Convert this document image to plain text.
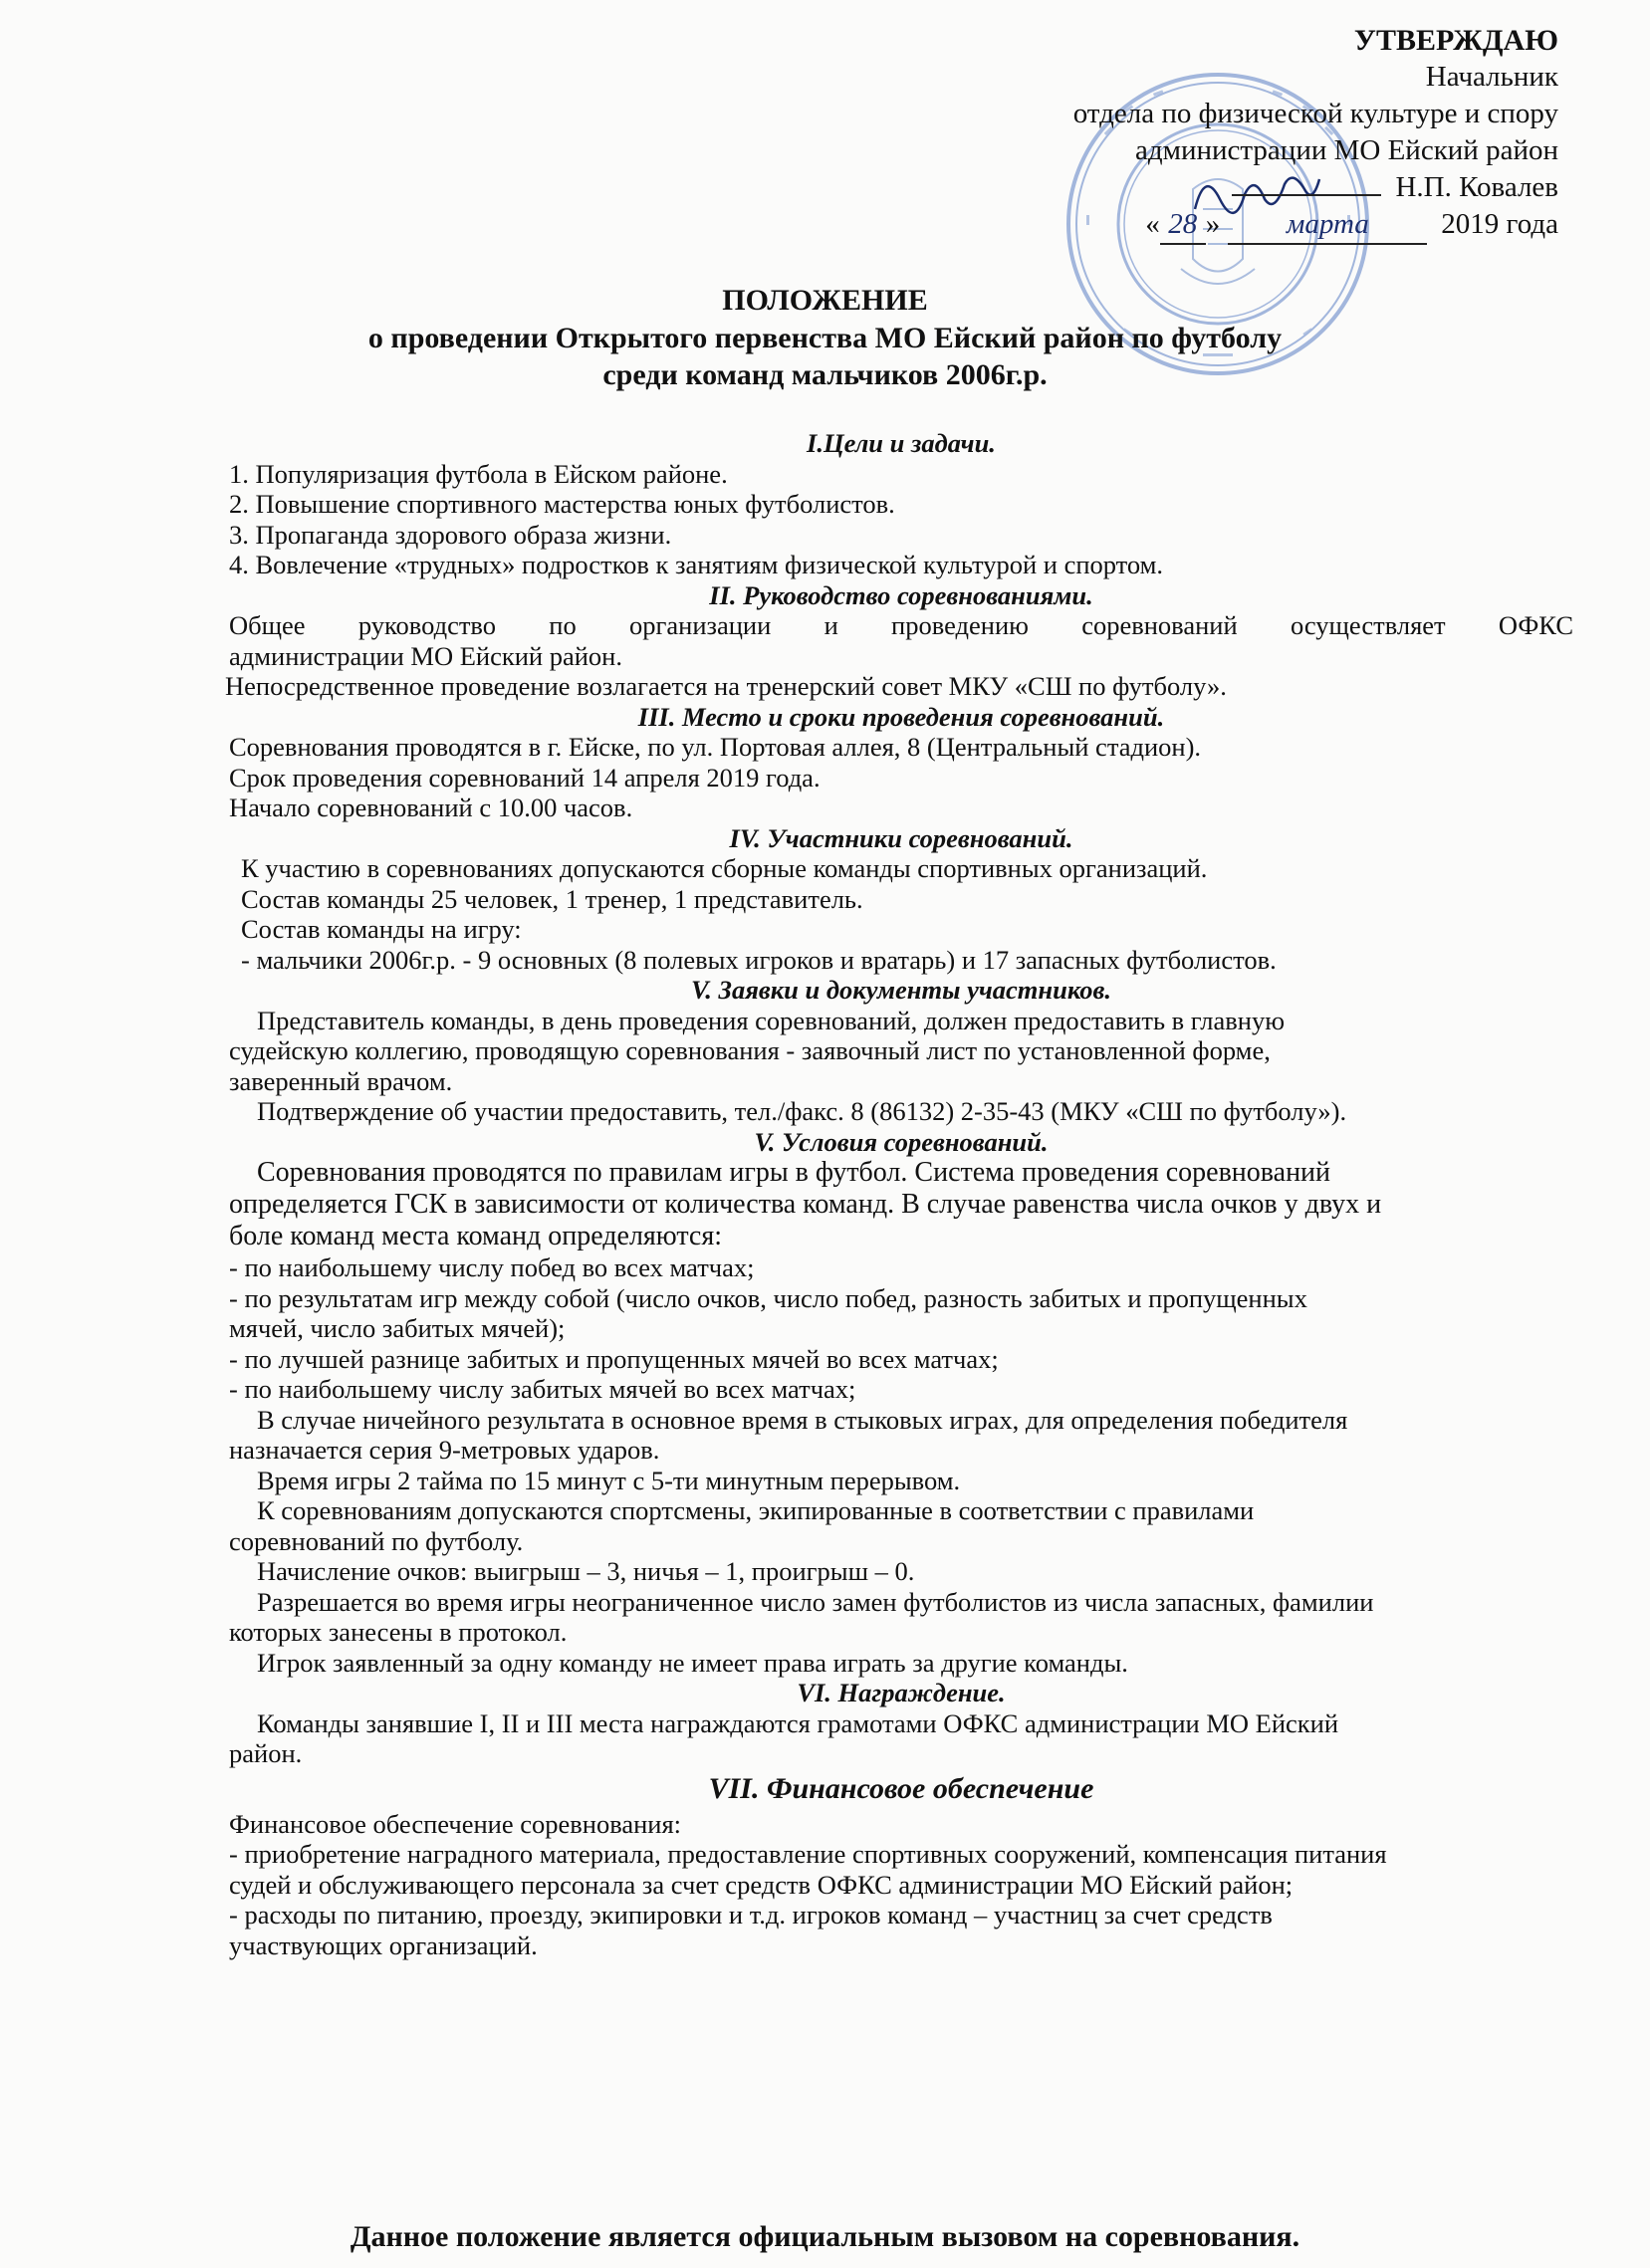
УТВЕРЖДАЮ
Начальник
отдела по физической культуре и спору
администрации МО Ейский район
Н.П. Ковалев
« 28 » марта	2019 года
ПОЛОЖЕНИЕ
о проведении Открытого первенства МО Ейский район по футболу
среди команд мальчиков 2006г.р.

I.Цели и задачи.

1. Популяризация футбола в Ейском районе.

2. Повышение спортивного мастерства юных футболистов.

3. Пропаганда здорового образа жизни.

4. Вовлечение «трудных» подростков к занятиям физической культурой и спортом.

II. Руководство соревнованиями.

Общее руководство по организации и проведению соревнований осуществляет ОФКС

администрации МО Ейский район.

Непосредственное проведение возлагается на тренерский совет МКУ «СШ по футболу».

III. Место и сроки проведения соревнований.

Соревнования проводятся в г. Ейске, по ул. Портовая аллея, 8 (Центральный стадион).

Срок проведения соревнований 14 апреля 2019 года.

Начало соревнований с 10.00 часов.

IV. Участники соревнований.

К участию в соревнованиях допускаются сборные команды спортивных организаций.

Состав команды 25 человек, 1 тренер, 1 представитель.

Состав команды на игру:

- мальчики 2006г.р. - 9 основных (8 полевых игроков и вратарь) и 17 запасных футболистов.

V. Заявки и документы участников.

Представитель команды, в день проведения соревнований, должен предоставить в главную

судейскую коллегию, проводящую соревнования - заявочный лист по установленной форме,

заверенный врачом.

Подтверждение об участии предоставить, тел./факс. 8 (86132) 2-35-43 (МКУ «СШ по футболу»).

V. Условия соревнований.

Соревнования проводятся по правилам игры в футбол. Система проведения соревнований

определяется ГСК в зависимости от количества команд. В случае равенства числа очков у двух и

боле команд места команд определяются:

- по наибольшему числу побед во всех матчах;

- по результатам игр между собой (число очков, число побед, разность забитых и пропущенных

мячей, число забитых мячей);

- по лучшей разнице забитых и пропущенных мячей во всех матчах;

- по наибольшему числу забитых мячей во всех матчах;

В случае ничейного результата в основное время в стыковых играх, для определения победителя

назначается серия 9-метровых ударов.

Время игры 2 тайма по 15 минут с 5-ти минутным перерывом.

К соревнованиям допускаются спортсмены, экипированные в соответствии с правилами

соревнований по футболу.

Начисление очков: выигрыш – 3, ничья – 1, проигрыш – 0.

Разрешается во время игры неограниченное число замен футболистов из числа запасных, фамилии

которых занесены в протокол.

Игрок заявленный за одну команду не имеет права играть за другие команды.

VI. Награждение.

Команды занявшие I, II и III места награждаются грамотами ОФКС администрации МО Ейский

район.

VII. Финансовое обеспечение

Финансовое обеспечение соревнования:

- приобретение наградного материала, предоставление спортивных сооружений, компенсация питания

судей и обслуживающего персонала за счет средств ОФКС администрации МО Ейский район;

- расходы по питанию, проезду, экипировки и т.д. игроков команд – участниц за счет средств

участвующих организаций.

Данное положение является официальным вызовом на соревнования.
